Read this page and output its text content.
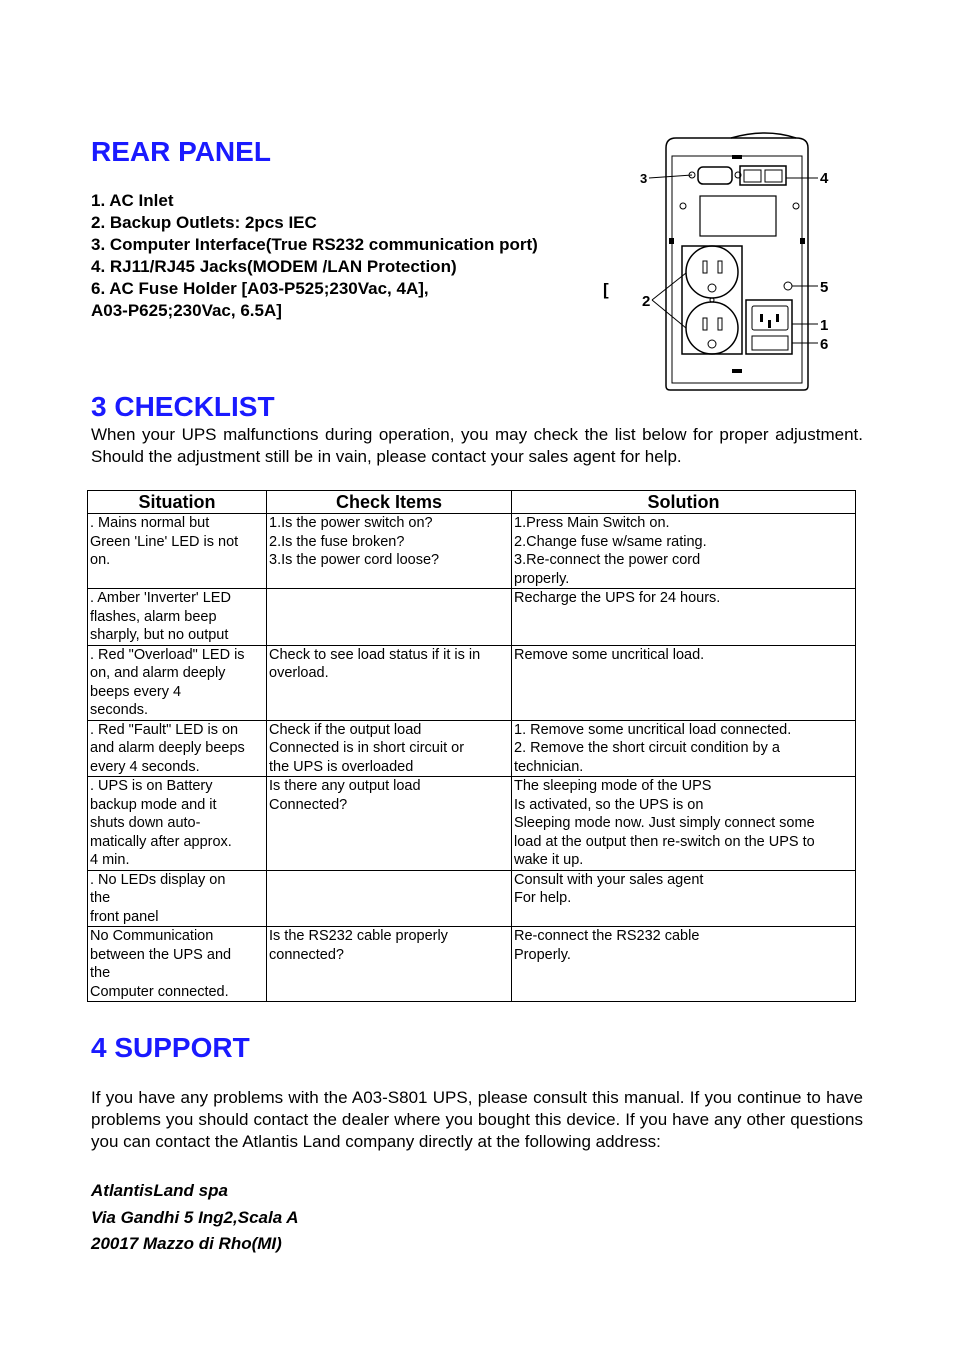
REAR PANEL
1. AC Inlet
2. Backup Outlets: 2pcs IEC
3. Computer Interface(True RS232 communication port)
4. RJ11/RJ45 Jacks(MODEM /LAN Protection)
6. AC Fuse Holder [A03-P525;230Vac, 4A],
A03-P625;230Vac, 6.5A]
[
3	4
2
5
1
6
3 CHECKLIST
When your UPS malfunctions during operation, you may check the list below for proper adjustment. Should the adjustment still be in vain, please contact your sales agent for help.
Situation	Check Items	Solution
. Mains normal but
Green 'Line' LED is not
on.	1.Is the power switch on?
2.Is the fuse broken?
3.Is the power cord loose?	1.Press Main Switch on.
2.Change fuse w/same rating.
3.Re-connect the power cord
properly.
. Amber 'Inverter' LED
flashes, alarm beep
sharply, but no output		Recharge the UPS for 24 hours.
. Red "Overload" LED is
on, and alarm deeply
beeps every 4
seconds.	Check to see load status if it is in
overload.	Remove some uncritical load.
. Red "Fault" LED is on
and alarm deeply beeps
every 4 seconds.	Check if the output load
Connected is in short circuit or
the UPS is overloaded	1. Remove some uncritical load connected.
2. Remove the short circuit condition by a
technician.
. UPS is on Battery
backup mode and it
shuts down auto-
matically after approx.
4 min.	Is there any output load
Connected?	The sleeping mode of the UPS
Is activated, so the UPS is on
Sleeping mode now. Just simply connect some
load at the output then re-switch on the UPS to
wake it up.
. No LEDs display on
the
front panel		Consult with your sales agent
For help.
No Communication
between the UPS and
the
Computer connected.	Is the RS232 cable properly
connected?	Re-connect the RS232 cable
Properly.
4 SUPPORT
If you have any problems with the A03-S801 UPS, please consult this manual. If you continue to have problems you should contact the dealer where you bought this device. If you have any other questions you can contact the Atlantis Land company directly at the following address:
AtlantisLand spa
Via Gandhi 5 Ing2,Scala A
20017 Mazzo di Rho(MI)
